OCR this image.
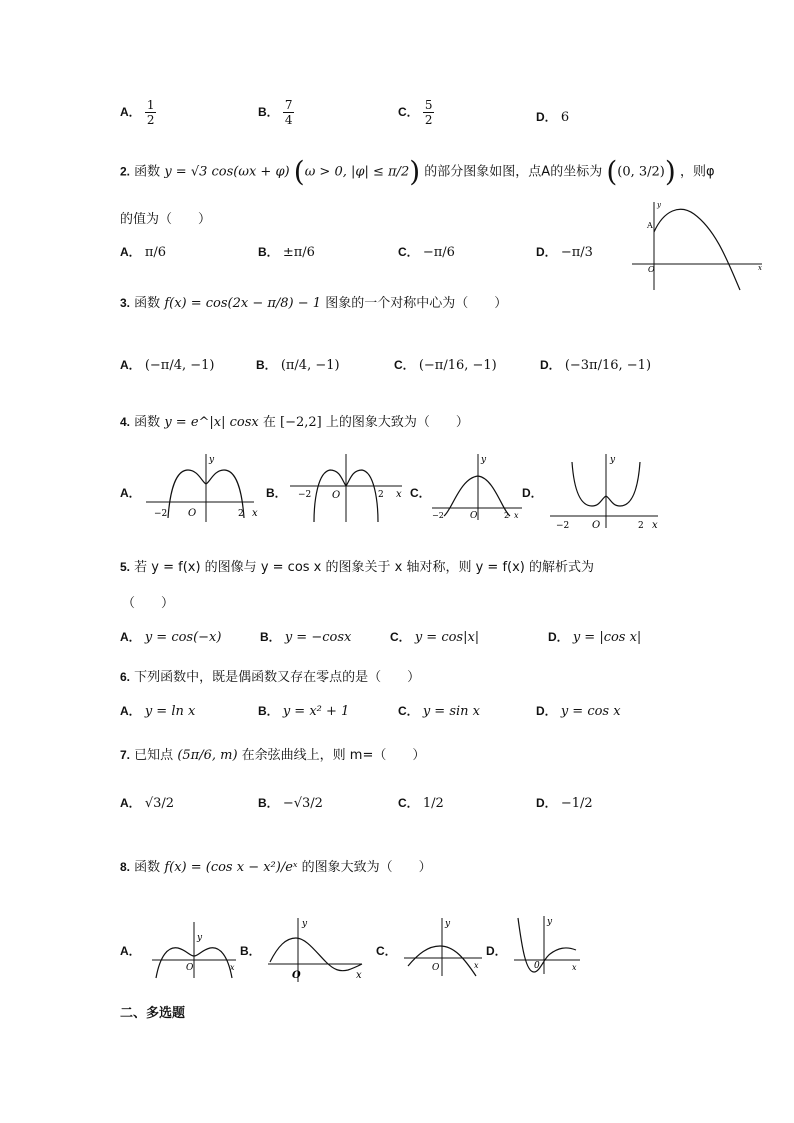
A． $\frac{1}{2}$	B． $\frac{7}{4}$	C． $\frac{5}{2}$	D． 6
2. 函数 y = √3 cos(ωx + φ) (ω > 0, |φ| ≤ π/2) 的部分图象如图，点A的坐标为 ((0, 3/2)) ，则φ
的值为（　　）
A． π/6	B． ±π/6	C． −π/6	D． −π/3
y
x
O
A
3. 函数 f(x) = cos(2x − π/8) − 1 图象的一个对称中心为（　　）
A． (−π/4, −1)	B． (π/4, −1)	C． (−π/16, −1)	D． (−3π/16, −1)
4. 函数 y = e^|x| cosx 在 [−2,2] 上的图象大致为（　　）
A．
−2	2
O	x
y
B． −2	2
O	x C．
−2	2
O	x
y
D．
−2	2
O	x
y
5. 若 y = f(x) 的图像与 y = cos x 的图象关于 x 轴对称，则 y = f(x) 的解析式为
（　　）
A． y = cos(−x)	B． y = −cosx	C． y = cos|x|	D． y = |cos x|
6. 下列函数中，既是偶函数又存在零点的是（　　）
A． y = ln x	B． y = x² + 1	C． y = sin x	D． y = cos x
7. 已知点 (5π/6, m) 在余弦曲线上，则 m=（　　）
A． √3/2	B． −√3/2	C． 1/2	D． −1/2
8. 函数 f(x) = (cos x − x²)/eˣ 的图象大致为（　　）
A．
O	x
y
B．
O	x
y
C．
O	x
y
D．
0	x
y
二、多选题
